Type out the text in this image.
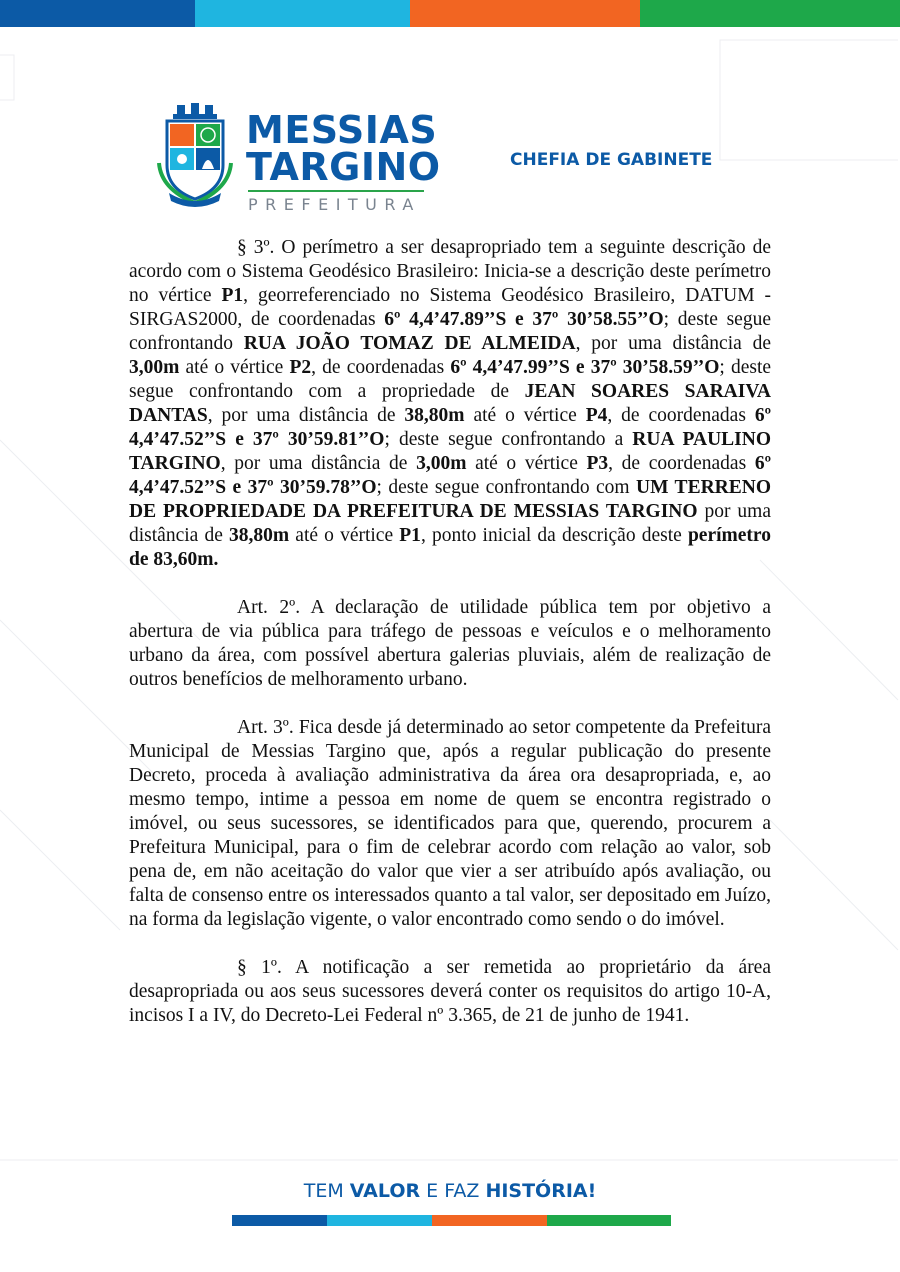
MESSIAS
TARGINO
PREFEITURA
CHEFIA DE GABINETE

§ 3º. O perímetro a ser desapropriado tem a seguinte descrição de acordo com o Sistema Geodésico Brasileiro: Inicia-se a descrição deste perímetro no vértice P1, georreferenciado no Sistema Geodésico Brasileiro, DATUM - SIRGAS2000, de coordenadas 6º 4,4’47.89’’S e 37º 30’58.55’’O; deste segue confrontando RUA JOÃO TOMAZ DE ALMEIDA, por uma distância de 3,00m até o vértice P2, de coordenadas 6º 4,4’47.99’’S e 37º 30’58.59’’O; deste segue confrontando com a propriedade de JEAN SOARES SARAIVA DANTAS, por uma distância de 38,80m até o vértice P4, de coordenadas 6º 4,4’47.52’’S e 37º 30’59.81’’O; deste segue confrontando a RUA PAULINO TARGINO, por uma distância de 3,00m até o vértice P3, de coordenadas 6º 4,4’47.52’’S e 37º 30’59.78’’O; deste segue confrontando com UM TERRENO DE PROPRIEDADE DA PREFEITURA DE MESSIAS TARGINO por uma distância de 38,80m até o vértice P1, ponto inicial da descrição deste perímetro de 83,60m.

Art. 2º. A declaração de utilidade pública tem por objetivo a abertura de via pública para tráfego de pessoas e veículos e o melhoramento urbano da área, com possível abertura galerias pluviais, além de realização de outros benefícios de melhoramento urbano.

Art. 3º. Fica desde já determinado ao setor competente da Prefeitura Municipal de Messias Targino que, após a regular publicação do presente Decreto, proceda à avaliação administrativa da área ora desapropriada, e, ao mesmo tempo, intime a pessoa em nome de quem se encontra registrado o imóvel, ou seus sucessores, se identificados para que, querendo, procurem a Prefeitura Municipal, para o fim de celebrar acordo com relação ao valor, sob pena de, em não aceitação do valor que vier a ser atribuído após avaliação, ou falta de consenso entre os interessados quanto a tal valor, ser depositado em Juízo, na forma da legislação vigente, o valor encontrado como sendo o do imóvel.

§ 1º. A notificação a ser remetida ao proprietário da área desapropriada ou aos seus sucessores deverá conter os requisitos do artigo 10-A, incisos I a IV, do Decreto-Lei Federal nº 3.365, de 21 de junho de 1941.

TEM VALOR E FAZ HISTÓRIA!
